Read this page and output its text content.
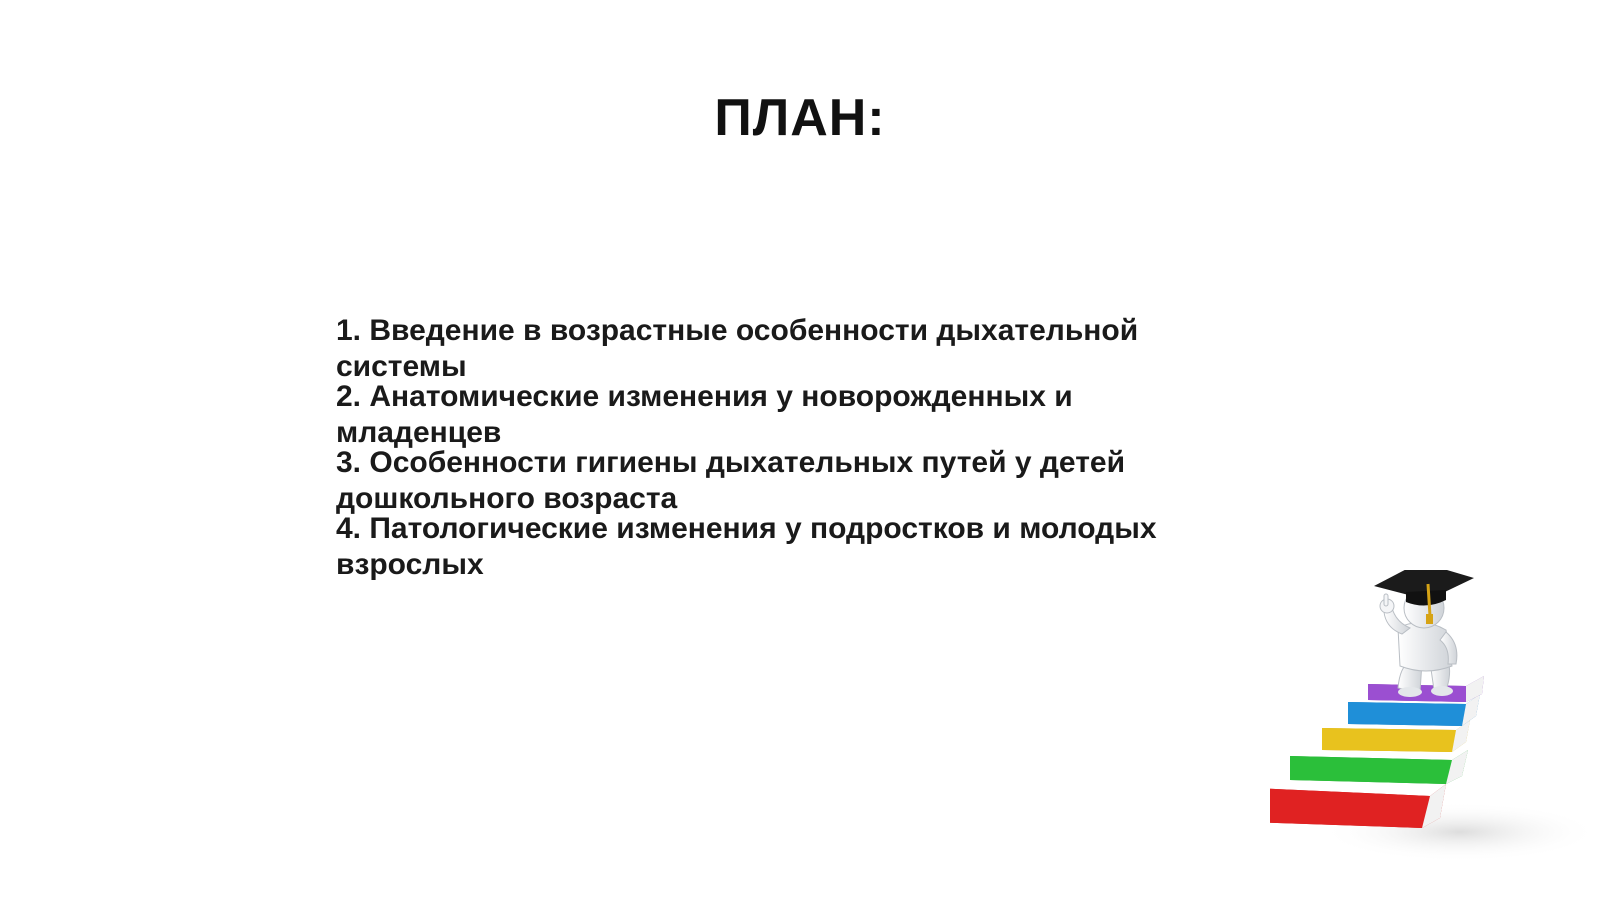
ПЛАН:
1. Введение в возрастные особенности дыхательной системы
2. Анатомические изменения у новорожденных и младенцев
3. Особенности гигиены дыхательных путей у детей дошкольного возраста
4. Патологические изменения у подростков и молодых взрослых
